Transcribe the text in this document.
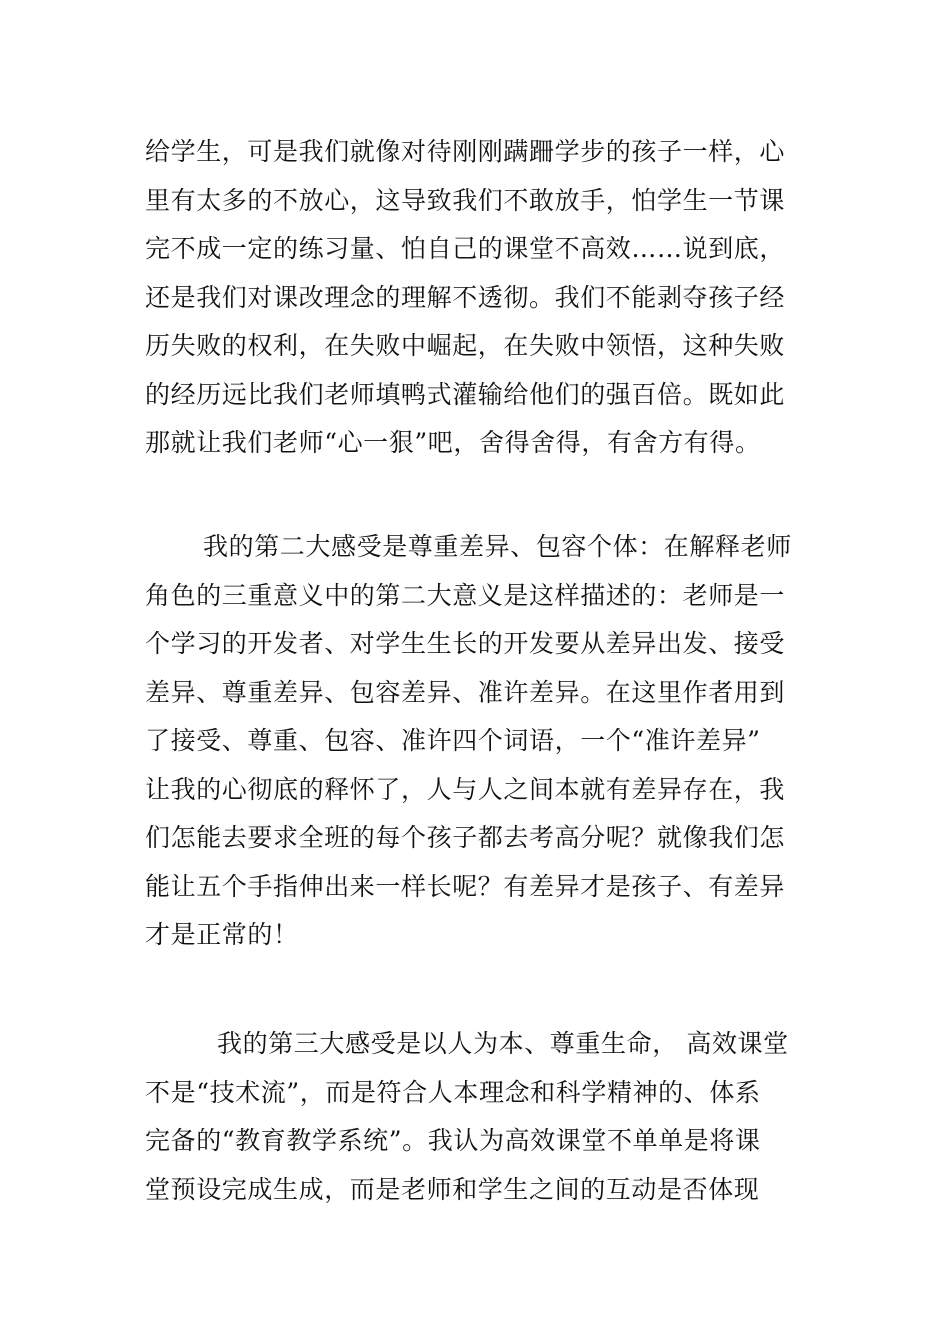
给学生，可是我们就像对待刚刚蹒跚学步的孩子一样，心
里有太多的不放心，这导致我们不敢放手，怕学生一节课
完不成一定的练习量、怕自己的课堂不高效……说到底，
还是我们对课改理念的理解不透彻。我们不能剥夺孩子经
历失败的权利，在失败中崛起，在失败中领悟，这种失败
的经历远比我们老师填鸭式灌输给他们的强百倍。既如此
那就让我们老师“心一狠”吧，舍得舍得，有舍方有得。
我的第二大感受是尊重差异、包容个体：在解释老师
角色的三重意义中的第二大意义是这样描述的：老师是一
个学习的开发者、对学生生长的开发要从差异出发、接受
差异、尊重差异、包容差异、准许差异。在这里作者用到
了接受、尊重、包容、准许四个词语，一个“准许差异”
让我的心彻底的释怀了，人与人之间本就有差异存在，我
们怎能去要求全班的每个孩子都去考高分呢？就像我们怎
能让五个手指伸出来一样长呢？有差异才是孩子、有差异
才是正常的！
我的第三大感受是以人为本、尊重生命， 高效课堂
不是“技术流”，而是符合人本理念和科学精神的、体系
完备的“教育教学系统”。我认为高效课堂不单单是将课
堂预设完成生成，而是老师和学生之间的互动是否体现
